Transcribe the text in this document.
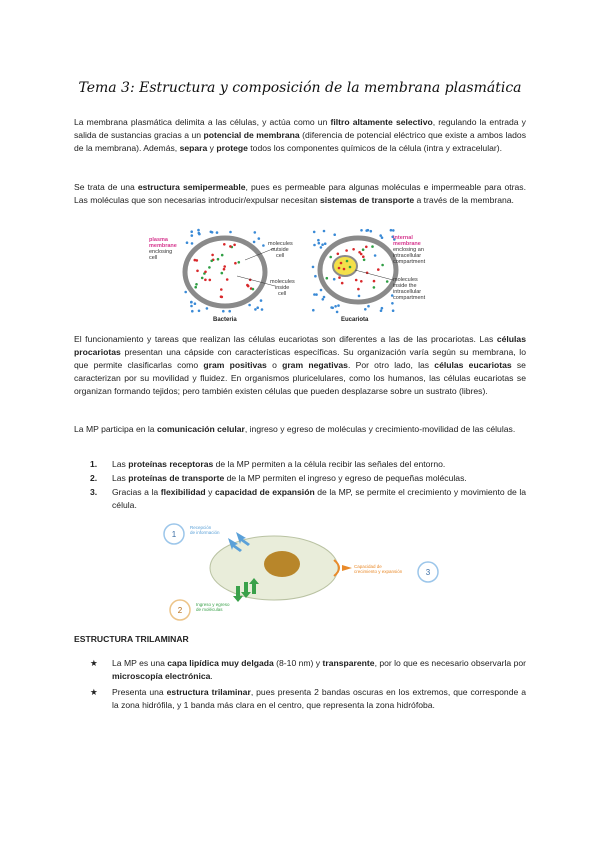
Tema 3: Estructura y composición de la membrana plasmática

La membrana plasmática delimita a las células, y actúa como un filtro altamente selectivo, regulando la entrada y salida de sustancias gracias a un potencial de membrana (diferencia de potencial eléctrico que existe a ambos lados de la membrana). Además, separa y protege todos los componentes químicos de la célula (intra y extracelular).

Se trata de una estructura semipermeable, pues es permeable para algunas moléculas e impermeable para otras. Las moléculas que son necesarias introducir/expulsar necesitan sistemas de transporte a través de la membrana.

plasma
membrane
enclosing
cell
molecules
outside
cell
molecules
inside
cell
Bacteria
internal
membrane
enclosing an
intracellular
compartment
molecules
inside the
intracellular
compartment
Eucariota

El funcionamiento y tareas que realizan las células eucariotas son diferentes a las de las procariotas. Las células procariotas presentan una cápside con características específicas. Su organización varía según su membrana, lo que permite clasificarlas como gram positivas o gram negativas. Por otro lado, las células eucariotas se caracterizan por su movilidad y fluidez. En organismos pluricelulares, como los humanos, las células eucariotas se organizan formando tejidos; pero también existen células que pueden desplazarse sobre un sustrato (libres).

La MP participa en la comunicación celular, ingreso y egreso de moléculas y crecimiento-movilidad de las células.

1. Las proteínas receptoras de la MP permiten a la célula recibir las señales del entorno.
2. Las proteínas de transporte de la MP permiten el ingreso y egreso de pequeñas moléculas.
3. Gracias a la flexibilidad y capacidad de expansión de la MP, se permite el crecimiento y movimiento de la célula.
1
Recepción
de información
2
Ingreso y egreso
de moléculas
Capacidad de
crecimiento y expansión	3
ESTRUCTURA TRILAMINAR
★ La MP es una capa lipídica muy delgada (8-10 nm) y transparente, por lo que es necesario observarla por microscopía electrónica.
★ Presenta una estructura trilaminar, pues presenta 2 bandas oscuras en los extremos, que corresponde a la zona hidrófila, y 1 banda más clara en el centro, que representa la zona hidrófoba.
